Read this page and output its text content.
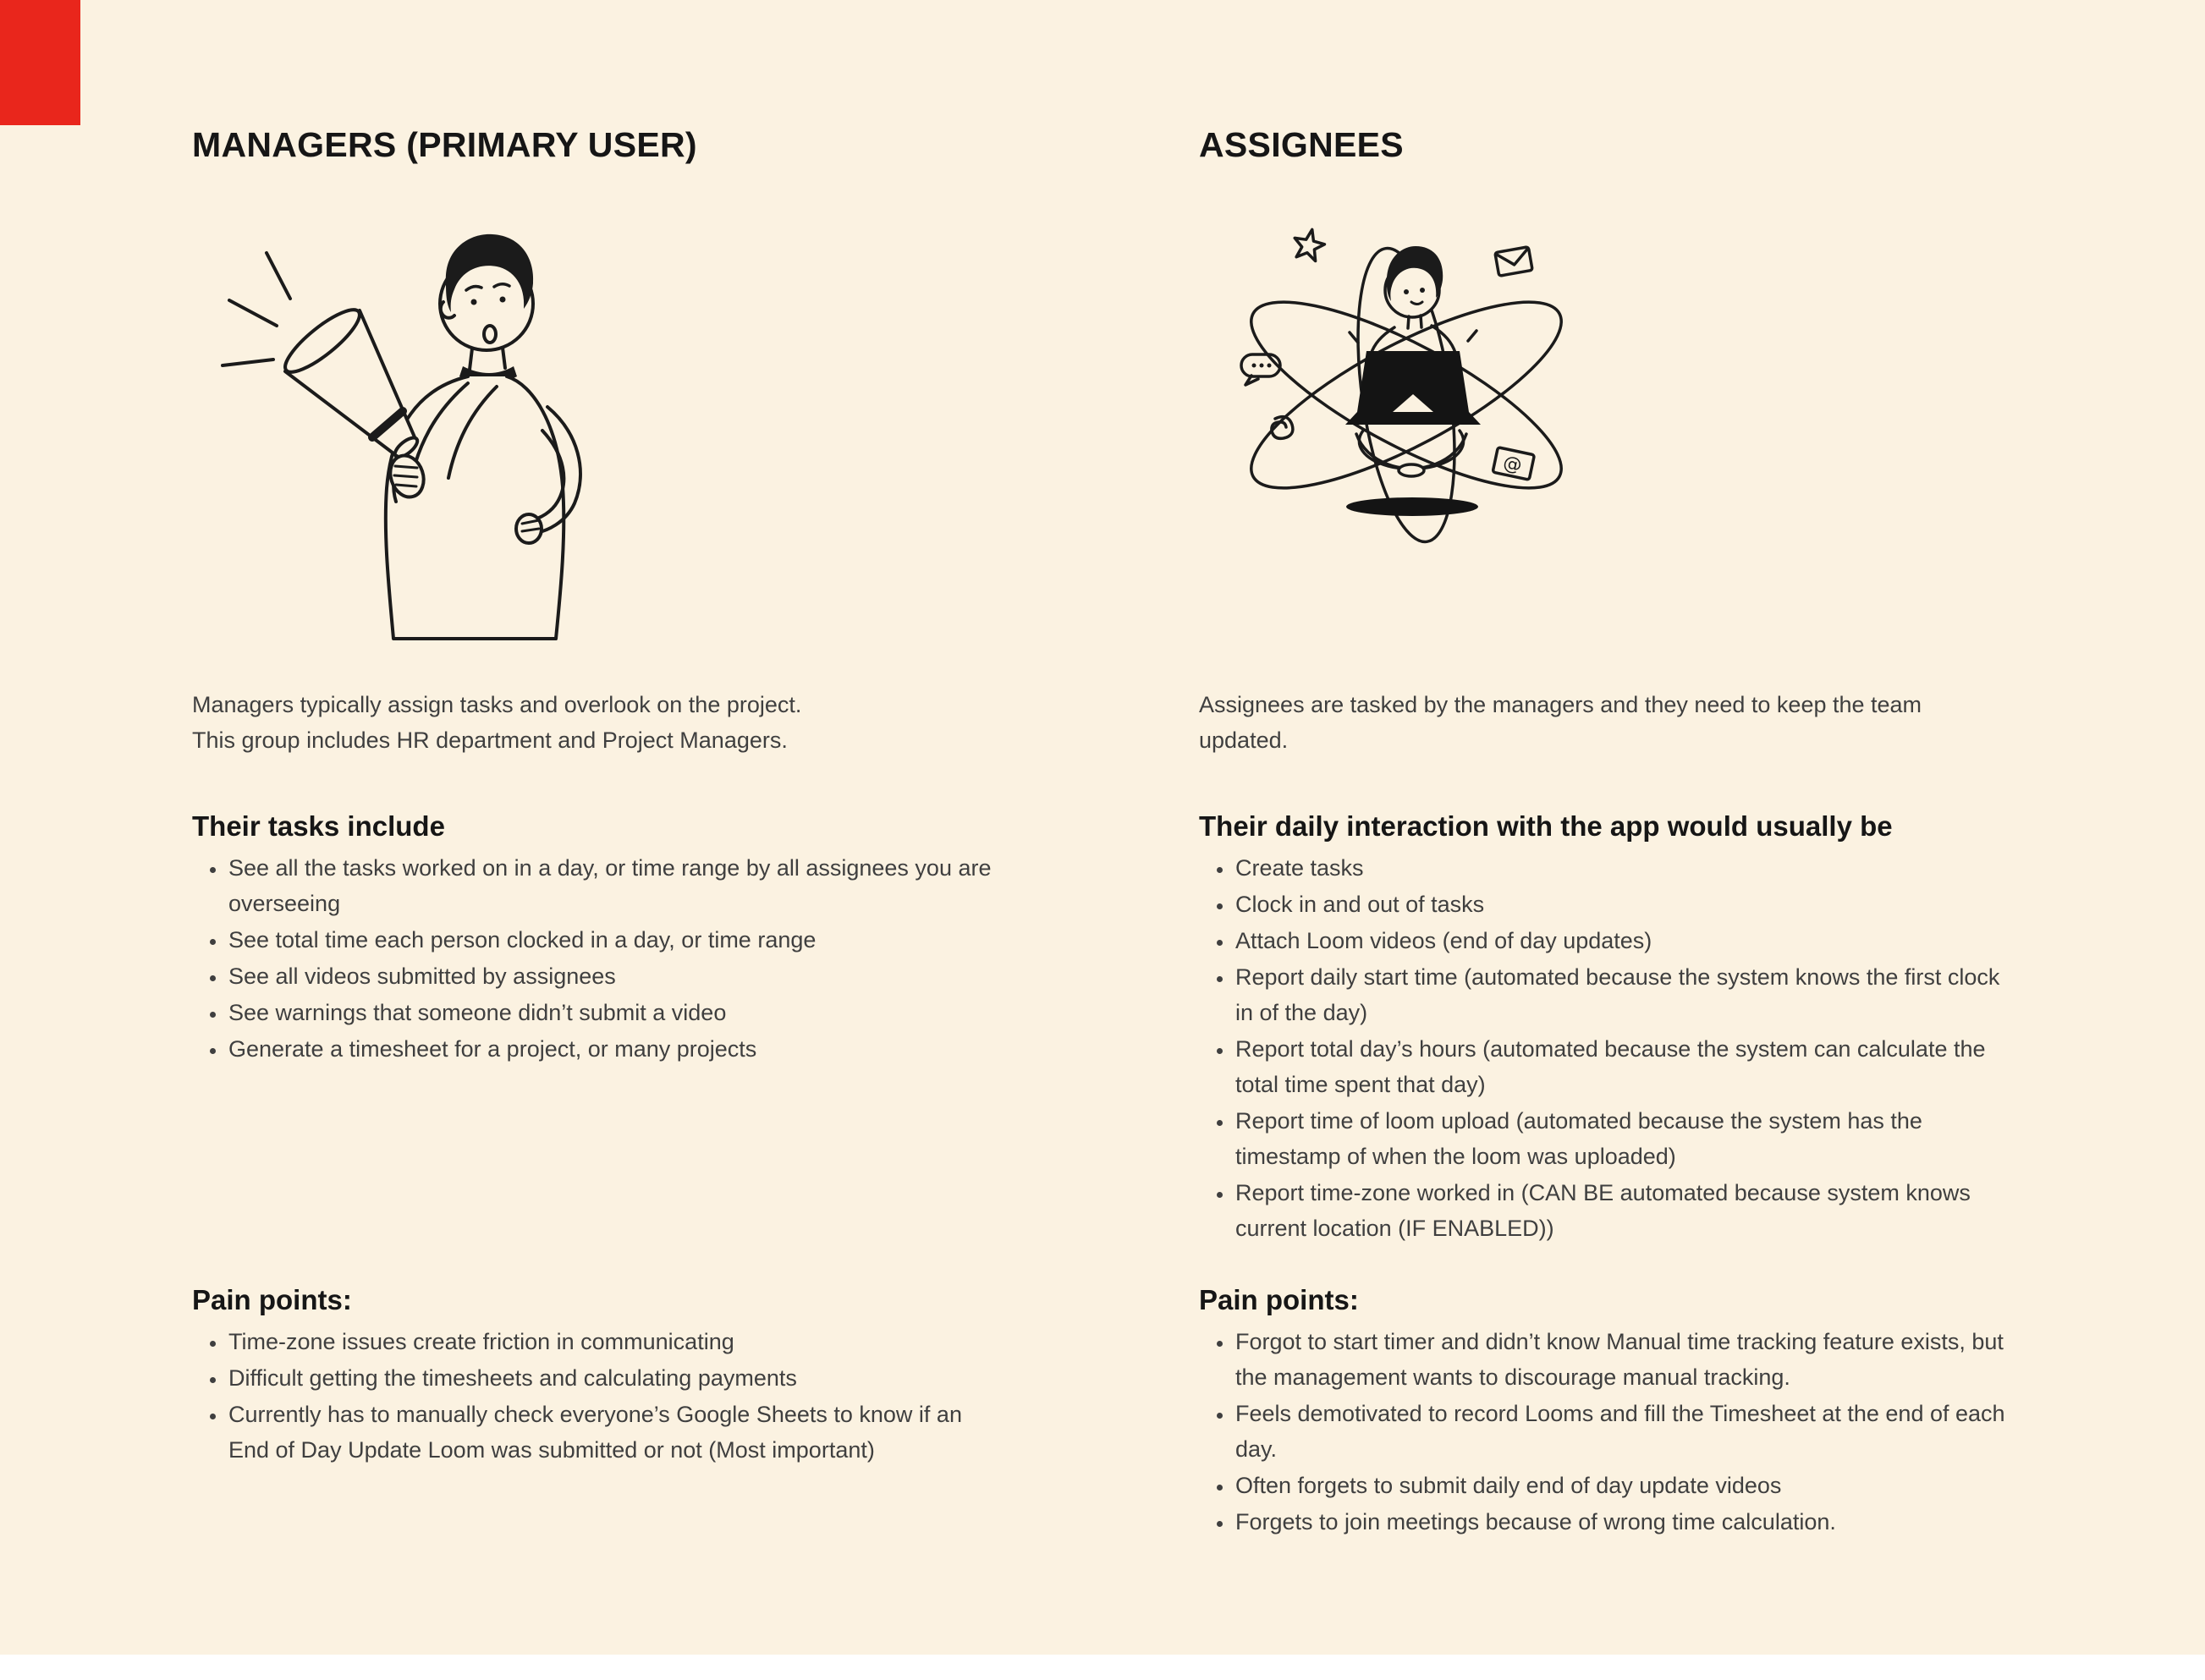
MANAGERS (PRIMARY USER)	ASSIGNEES
@
Managers typically assign tasks and overlook on the project.
This group includes HR department and Project Managers.
Assignees are tasked by the managers and they need to keep the team
updated.
Their tasks include
• See all the tasks worked on in a day, or time range by all assignees you are overseeing
• See total time each person clocked in a day, or time range
• See all videos submitted by assignees
• See warnings that someone didn’t submit a video
• Generate a timesheet for a project, or many projects
Their daily interaction with the app would usually be
• Create tasks
• Clock in and out of tasks
• Attach Loom videos (end of day updates)
• Report daily start time (automated because the system knows the first clock in of the day)
• Report total day’s hours (automated because the system can calculate the total time spent that day)
• Report time of loom upload (automated because the system has the timestamp of when the loom was uploaded)
• Report time-zone worked in (CAN BE automated because system knows current location (IF ENABLED))
Pain points:
• Time-zone issues create friction in communicating
• Difficult getting the timesheets and calculating payments
• Currently has to manually check everyone’s Google Sheets to know if an End of Day Update Loom was submitted or not (Most important)
Pain points:
• Forgot to start timer and didn’t know Manual time tracking feature exists, but the management wants to discourage manual tracking.
• Feels demotivated to record Looms and fill the Timesheet at the end of each day.
• Often forgets to submit daily end of day update videos
• Forgets to join meetings because of wrong time calculation.
